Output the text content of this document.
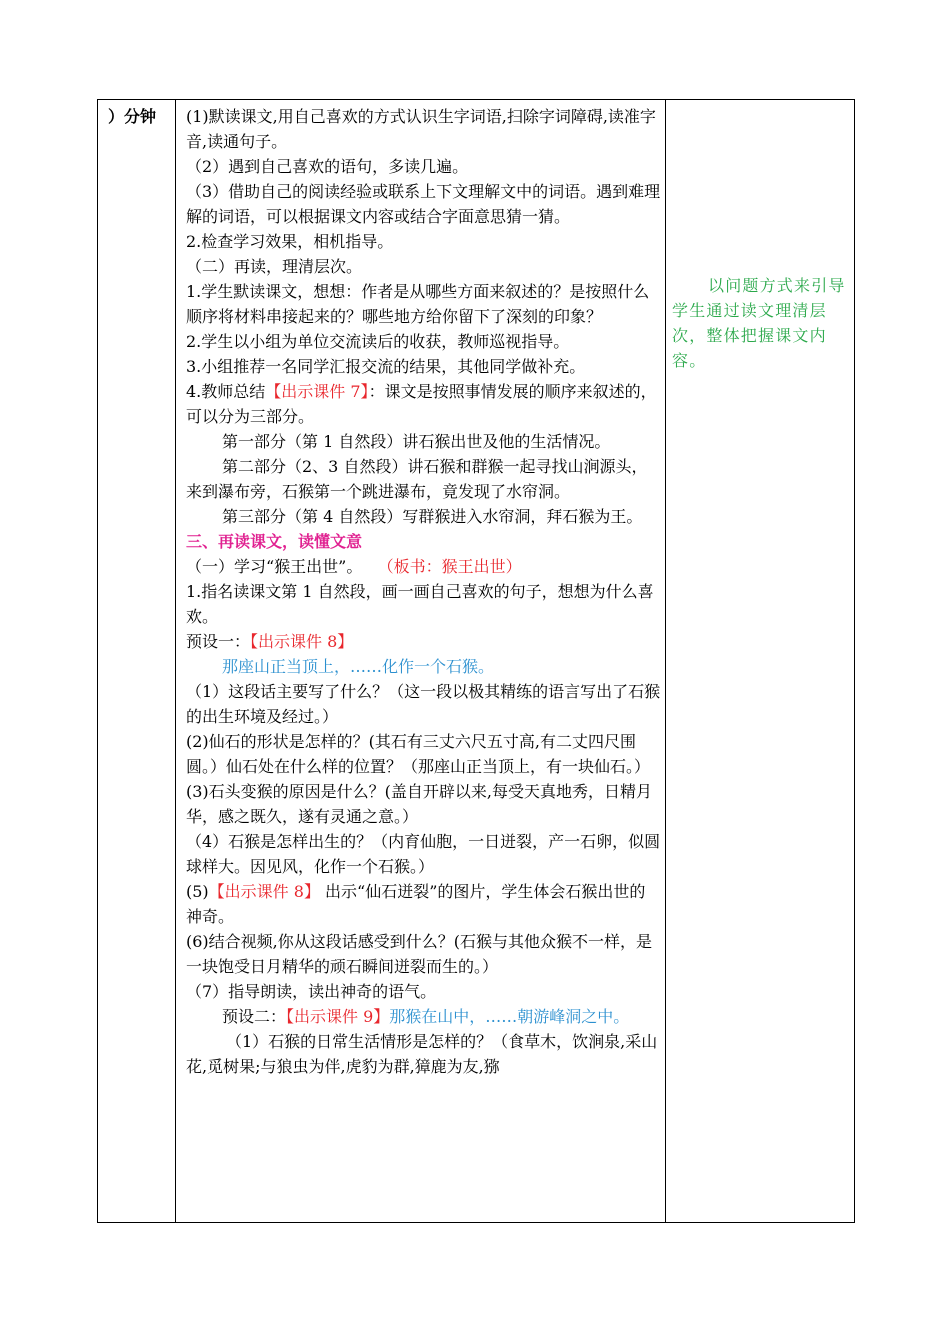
）分钟	(1)默读课文,用自己喜欢的方式认识生字词语,扫除字词障碍,读准字音,读通句子。

（2）遇到自己喜欢的语句，多读几遍。

（3）借助自己的阅读经验或联系上下文理解文中的词语。遇到难理解的词语，可以根据课文内容或结合字面意思猜一猜。

2.检查学习效果，相机指导。

（二）再读，理清层次。

1.学生默读课文，想想：作者是从哪些方面来叙述的？是按照什么顺序将材料串接起来的？哪些地方给你留下了深刻的印象？

2.学生以小组为单位交流读后的收获，教师巡视指导。

3.小组推荐一名同学汇报交流的结果，其他同学做补充。

4.教师总结【出示课件 7】：课文是按照事情发展的顺序来叙述的，可以分为三部分。

第一部分（第 1 自然段）讲石猴出世及他的生活情况。

第二部分（2、3 自然段）讲石猴和群猴一起寻找山涧源头，来到瀑布旁，石猴第一个跳进瀑布，竟发现了水帘洞。

第三部分（第 4 自然段）写群猴进入水帘洞，拜石猴为王。

三、再读课文，读懂文意

（一）学习“猴王出世”。 （板书：猴王出世）

1.指名读课文第 1 自然段，画一画自己喜欢的句子，想想为什么喜欢。

预设一：【出示课件 8】

那座山正当顶上，……化作一个石猴。

（1）这段话主要写了什么？（这一段以极其精练的语言写出了石猴的出生环境及经过。）

(2)仙石的形状是怎样的？(其石有三丈六尺五寸高,有二丈四尺围圆。）仙石处在什么样的位置？（那座山正当顶上，有一块仙石。）

(3)石头变猴的原因是什么？(盖自开辟以来,每受天真地秀，日精月华，感之既久，遂有灵通之意。）

（4）石猴是怎样出生的？（内育仙胞，一日迸裂，产一石卵，似圆球样大。因见风，化作一个石猴。）

(5)【出示课件 8】 出示“仙石迸裂”的图片，学生体会石猴出世的神奇。

(6)结合视频,你从这段话感受到什么？(石猴与其他众猴不一样，是一块饱受日月精华的顽石瞬间迸裂而生的。）

（7）指导朗读，读出神奇的语气。

预设二：【出示课件 9】那猴在山中，……朝游峰洞之中。

（1）石猴的日常生活情形是怎样的？（食草木，饮涧泉,采山花,觅树果;与狼虫为伴,虎豹为群,獐鹿为友,猕

以问题方式来引导学生通过读文理清层次，整体把握课文内容。
